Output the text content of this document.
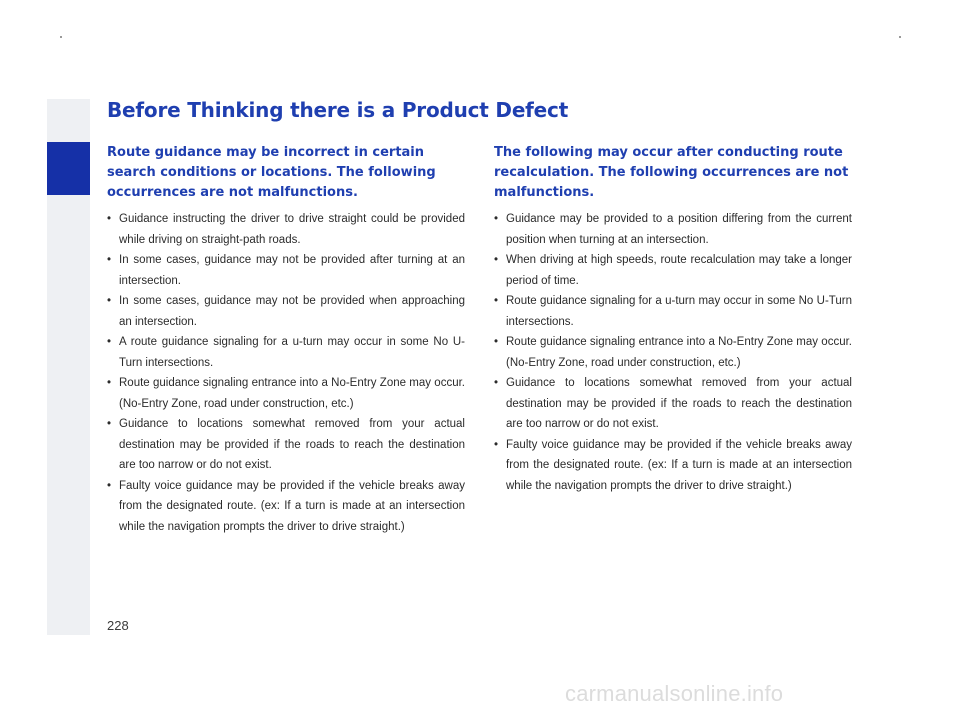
Before Thinking there is a Product Defect
Route guidance may be incorrect in certain search conditions or locations. The following occurrences are not malfunctions.
• Guidance instructing the driver to drive straight could be provided while driving on straight-path roads.
• In some cases, guidance may not be provided after turning at an intersection.
• In some cases, guidance may not be provided when approaching an intersection.
• A route guidance signaling for a u-turn may occur in some No U-Turn intersections.
• Route guidance signaling entrance into a No-Entry Zone may occur. (No-Entry Zone, road under construction, etc.)
• Guidance to locations somewhat removed from your actual destination may be provided if the roads to reach the destination are too narrow or do not exist.
• Faulty voice guidance may be provided if the vehicle breaks away from the designated route. (ex: If a turn is made at an intersection while the navigation prompts the driver to drive straight.)
The following may occur after conducting route recalculation. The following occurrences are not malfunctions.
• Guidance may be provided to a position differing from the current position when turning at an intersection.
• When driving at high speeds, route recalculation may take a longer period of time.
• Route guidance signaling for a u-turn may occur in some No U-Turn intersections.
• Route guidance signaling entrance into a No-Entry Zone may occur. (No-Entry Zone, road under construction, etc.)
• Guidance to locations somewhat removed from your actual destination may be provided if the roads to reach the destination are too narrow or do not exist.
• Faulty voice guidance may be provided if the vehicle breaks away from the designated route. (ex: If a turn is made at an intersection while the navigation prompts the driver to drive straight.)
228
carmanualsonline.info
